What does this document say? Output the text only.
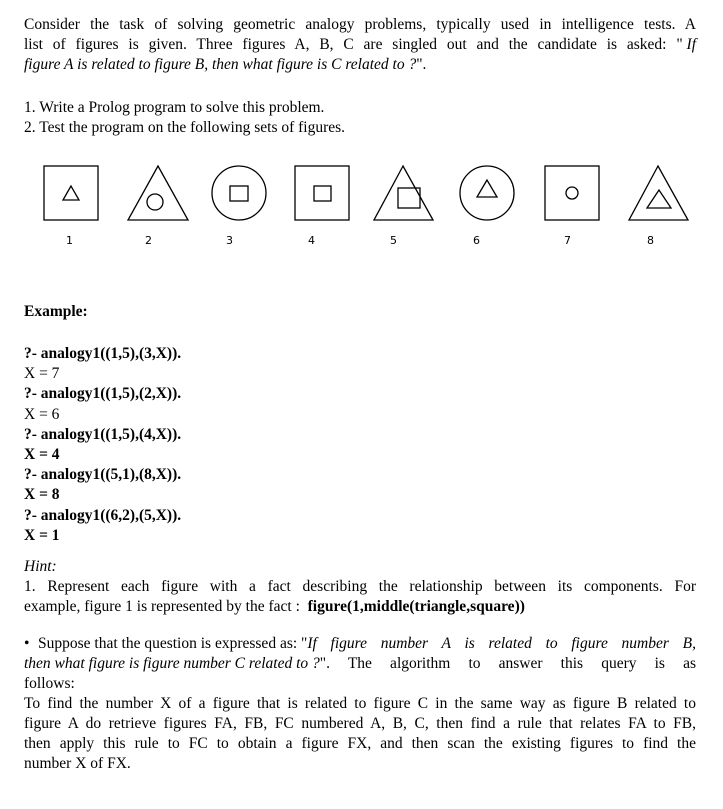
Consider the task of solving geometric analogy problems, typically used in intelligence tests. A
list of figures is given. Three figures A, B, C are singled out and the candidate is asked: " If
figure A is related to figure B, then what figure is C related to ?".
1. Write a Prolog program to solve this problem.
2. Test the program on the following sets of figures.
1	2	3	4	5	6	7	8
Example:
?- analogy1((1,5),(3,X)).
X = 7
?- analogy1((1,5),(2,X)).
X = 6
?- analogy1((1,5),(4,X)).
X = 4
?- analogy1((5,1),(8,X)).
X = 8
?- analogy1((6,2),(5,X)).
X = 1
Hint:
1. Represent each figure with a fact describing the relationship between its components. For
example, figure 1 is represented by the fact : figure(1,middle(triangle,square))
• Suppose that the question is expressed as: " If figure number A is related to figure number B,
then what figure is figure number C related to ? ". The algorithm to answer this query is as
follows:
To find the number X of a figure that is related to figure C in the same way as figure B related to
figure A do retrieve figures FA, FB, FC numbered A, B, C, then find a rule that relates FA to FB,
then apply this rule to FC to obtain a figure FX, and then scan the existing figures to find the
number X of FX.
